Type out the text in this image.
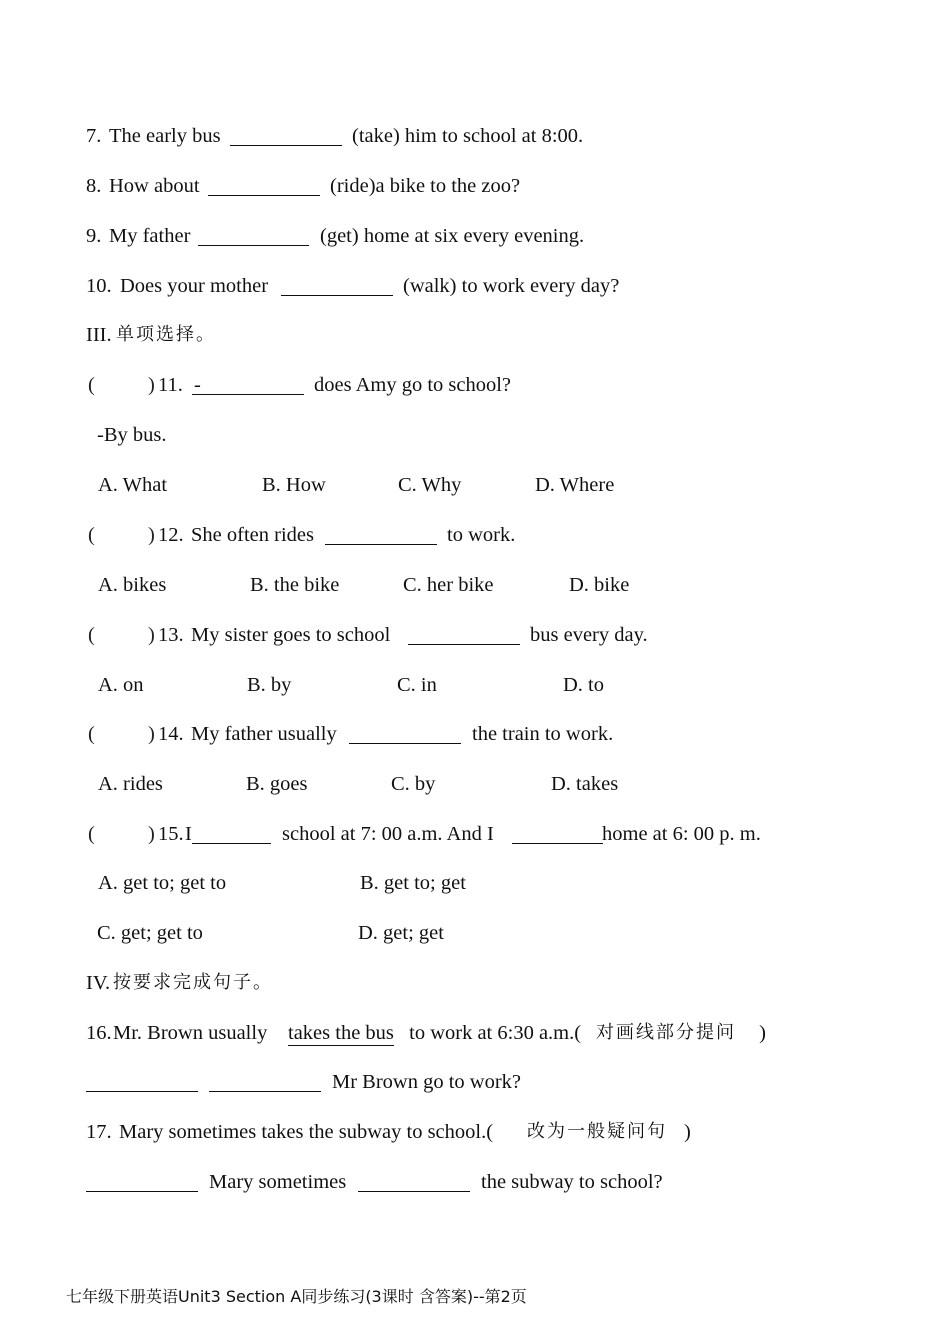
7. The early bus	(take) him to school at 8:00.
8. How about	(ride)a bike to the zoo?
9. My father	(get) home at six every evening.
10. Does your mother	(walk) to work every day?
III. 单项选择。
(	) 11. -	does Amy go to school?
-By bus.
A. What	B. How	C. Why	D. Where
(	) 12. She often rides	to work.
A. bikes	B. the bike	C. her bike	D. bike
(	) 13. My sister goes to school	bus every day.
A. on	B. by	C. in	D. to
(	) 14. My father usually	the train to work.
A. rides	B. goes	C. by	D. takes
(	) 15. I	school at 7: 00 a.m. And I	home at 6: 00 p. m.
A. get to; get to	B. get to; get
C. get; get to	D. get; get
IV. 按要求完成句子。
16. Mr. Brown usually takes the bus to work at 6:30 a.m.( 对画线部分提问 )
Mr Brown go to work?
17. Mary sometimes takes the subway to school.( 改为一般疑问句 )
Mary sometimes	the subway to school?
七年级下册英语Unit3 Section A同步练习(3课时 含答案)--第2页
